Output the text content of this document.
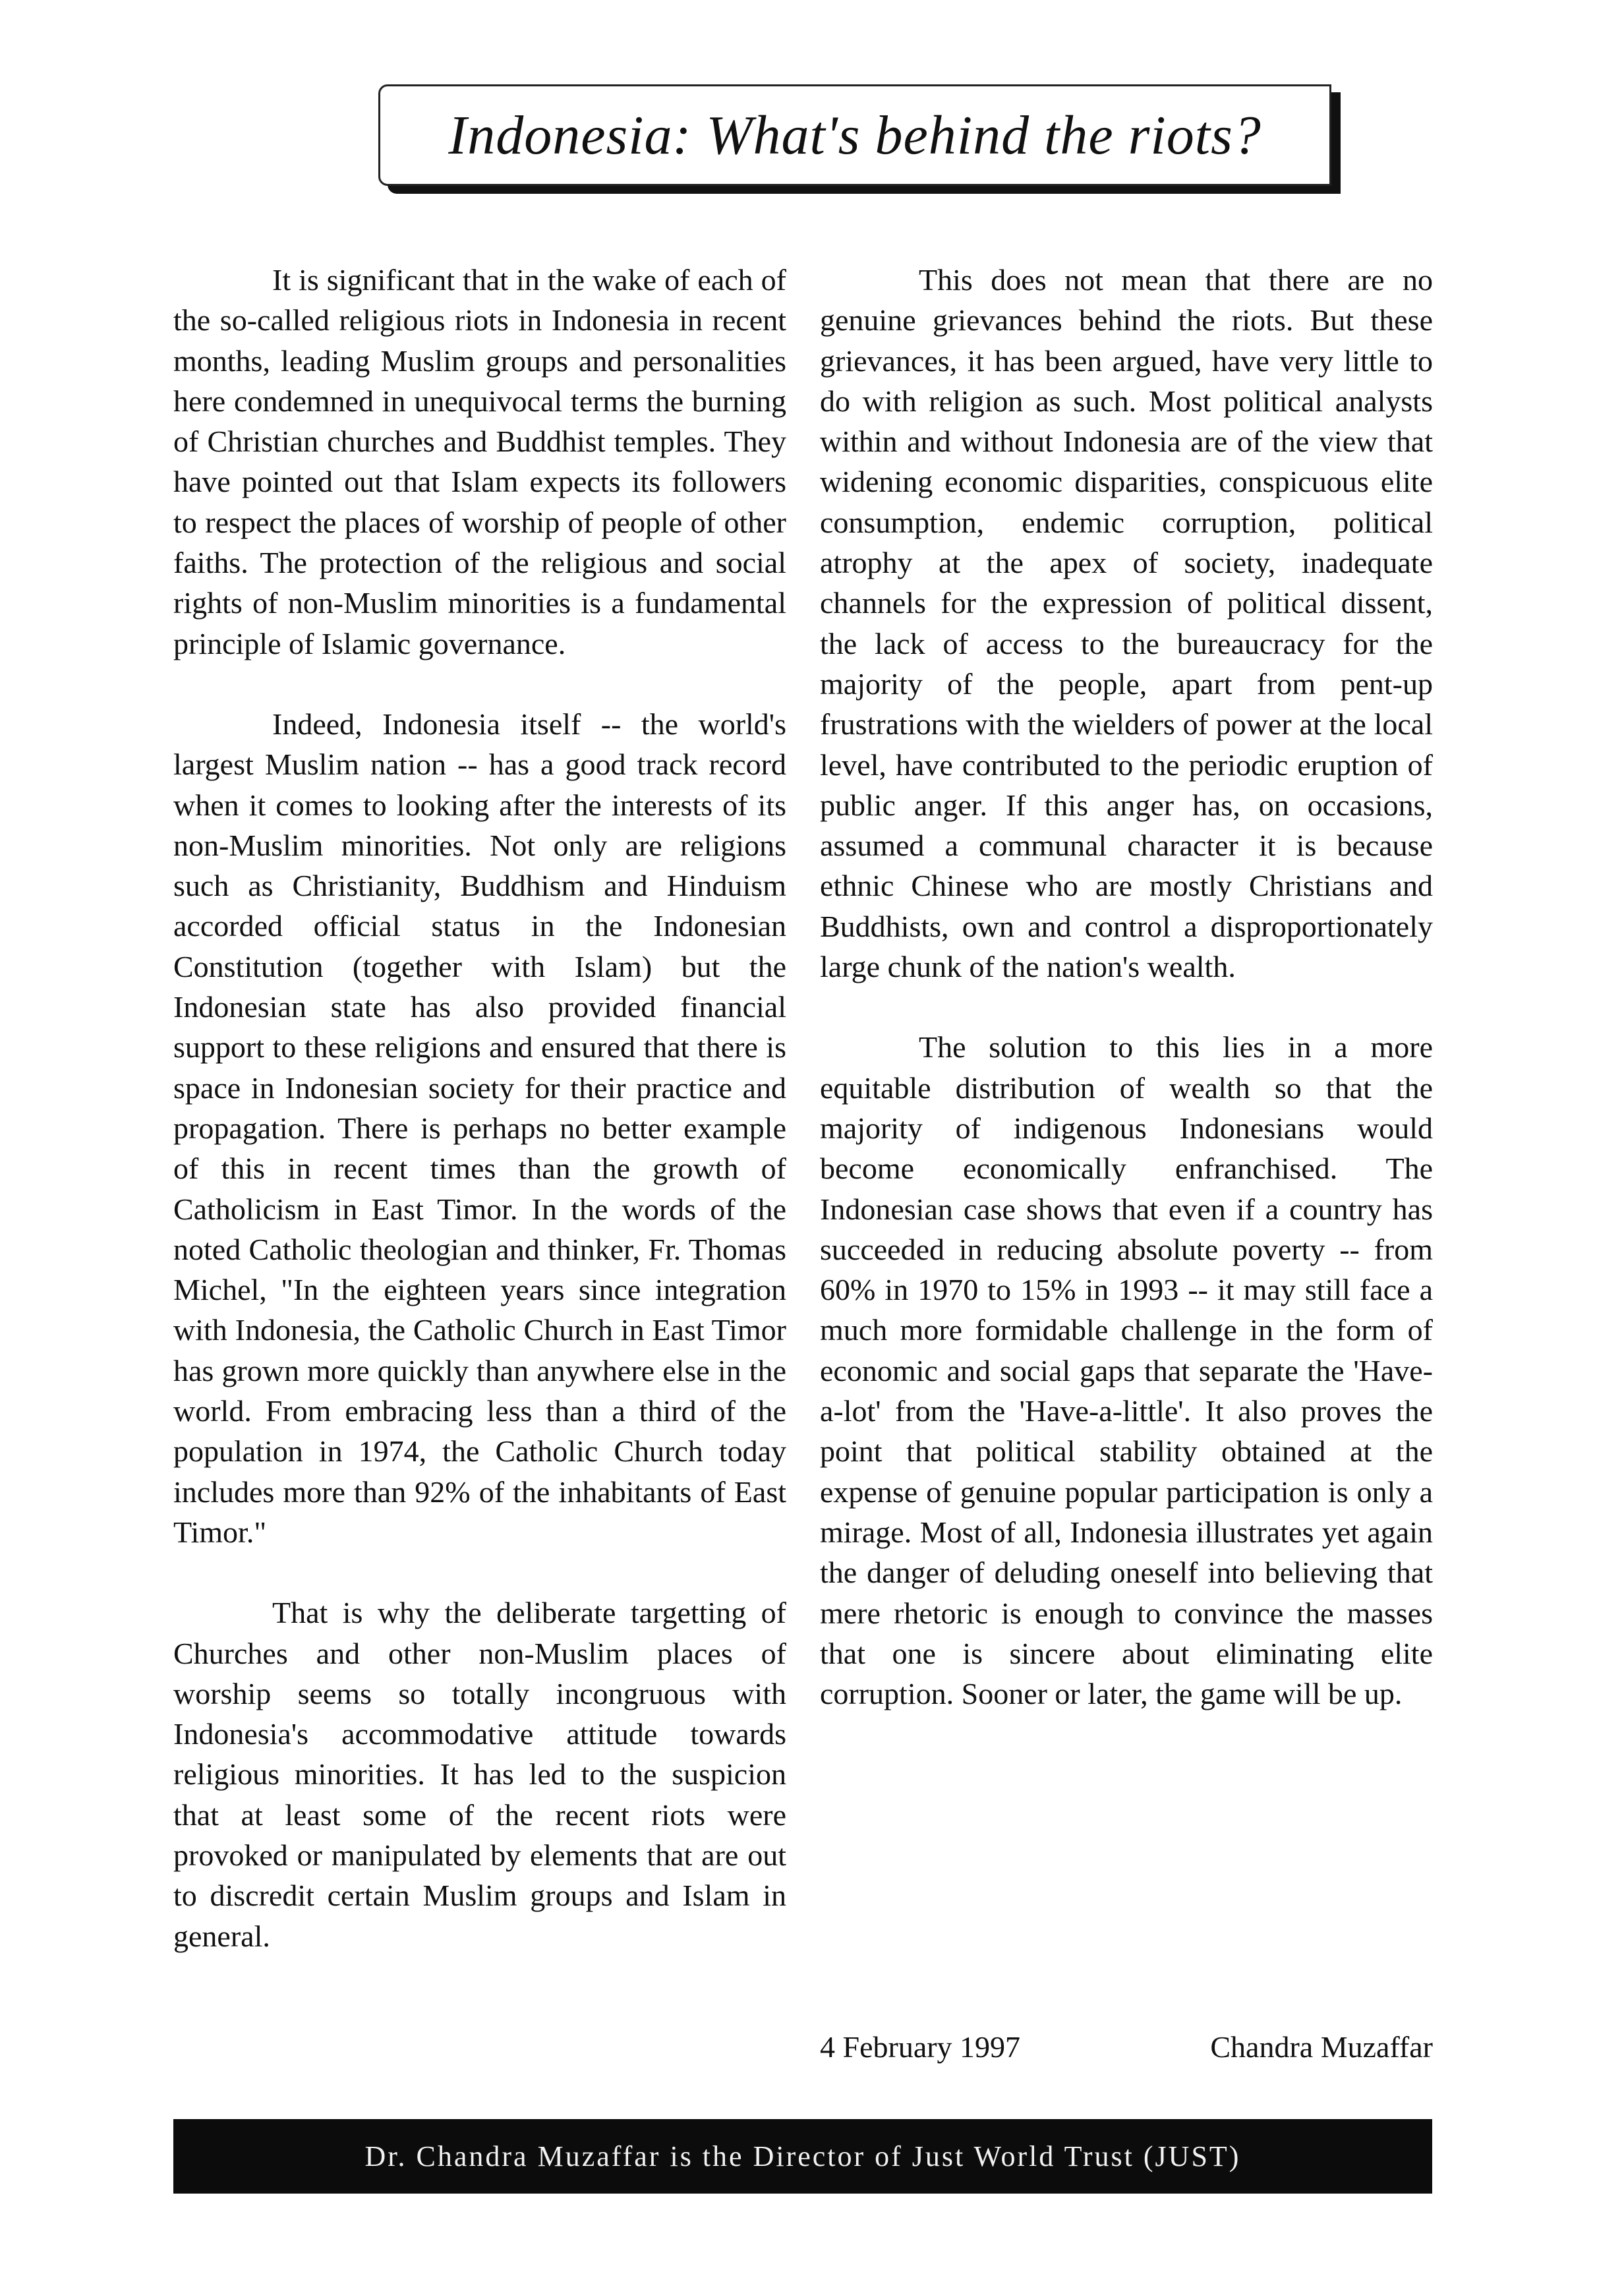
Indonesia: What's behind the riots?

It is significant that in the wake of each of the so-called religious riots in Indonesia in recent months, leading Muslim groups and personalities here condemned in unequivocal terms the burning of Christian churches and Buddhist temples. They have pointed out that Islam expects its followers to respect the places of worship of people of other faiths. The protection of the religious and social rights of non-Muslim minorities is a fundamental principle of Islamic governance.

Indeed, Indonesia itself -- the world's largest Muslim nation -- has a good track record when it comes to looking after the interests of its non-Muslim minorities. Not only are religions such as Christianity, Buddhism and Hinduism accorded official status in the Indonesian Constitution (together with Islam) but the Indonesian state has also provided financial support to these religions and ensured that there is space in Indonesian society for their practice and propagation. There is perhaps no better example of this in recent times than the growth of Catholicism in East Timor. In the words of the noted Catholic theologian and thinker, Fr. Thomas Michel, "In the eighteen years since integration with Indonesia, the Catholic Church in East Timor has grown more quickly than anywhere else in the world. From embracing less than a third of the population in 1974, the Catholic Church today includes more than 92% of the inhabitants of East Timor."

That is why the deliberate targetting of Churches and other non-Muslim places of worship seems so totally incongruous with Indonesia's accommodative attitude towards religious minorities. It has led to the suspicion that at least some of the recent riots were provoked or manipulated by elements that are out to discredit certain Muslim groups and Islam in general.

This does not mean that there are no genuine grievances behind the riots. But these grievances, it has been argued, have very little to do with religion as such. Most political analysts within and without Indonesia are of the view that widening economic disparities, conspicuous elite consumption, endemic corruption, political atrophy at the apex of society, inadequate channels for the expression of political dissent, the lack of access to the bureaucracy for the majority of the people, apart from pent-up frustrations with the wielders of power at the local level, have contributed to the periodic eruption of public anger. If this anger has, on occasions, assumed a communal character it is because ethnic Chinese who are mostly Christians and Buddhists, own and control a disproportionately large chunk of the nation's wealth.

The solution to this lies in a more equitable distribution of wealth so that the majority of indigenous Indonesians would become economically enfranchised. The Indonesian case shows that even if a country has succeeded in reducing absolute poverty -- from 60% in 1970 to 15% in 1993 -- it may still face a much more formidable challenge in the form of economic and social gaps that separate the 'Have-a-lot' from the 'Have-a-little'. It also proves the point that political stability obtained at the expense of genuine popular participation is only a mirage. Most of all, Indonesia illustrates yet again the danger of deluding oneself into believing that mere rhetoric is enough to convince the masses that one is sincere about eliminating elite corruption. Sooner or later, the game will be up.

4 February 1997	Chandra Muzaffar
Dr. Chandra Muzaffar is the Director of Just World Trust (JUST)
